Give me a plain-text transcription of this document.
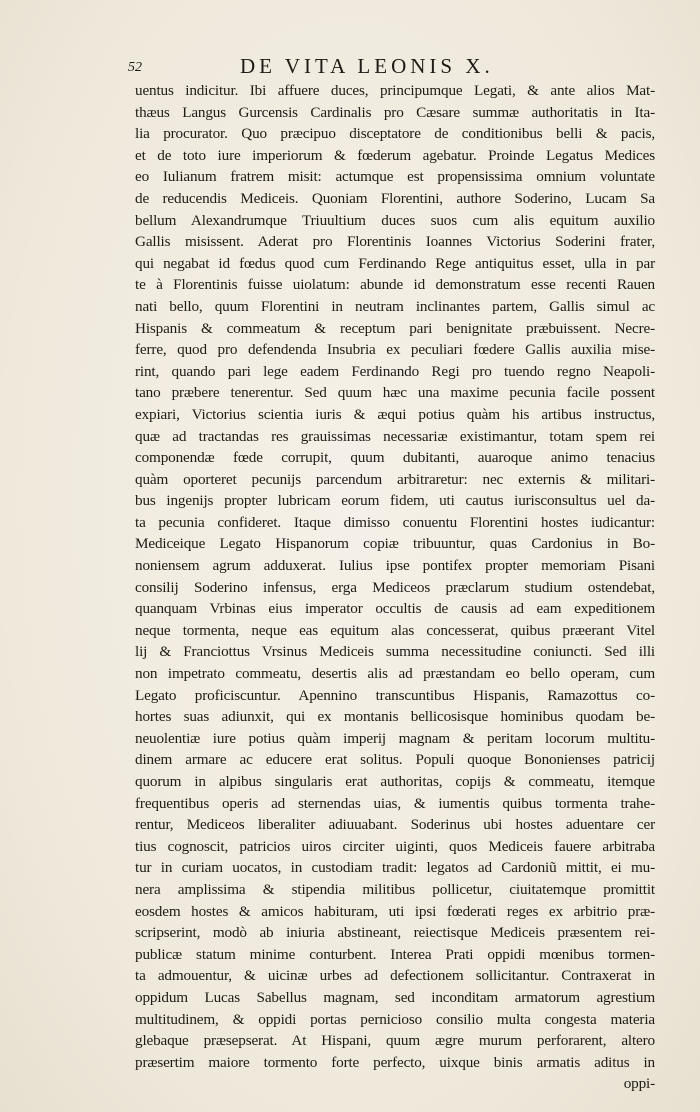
52	DE VITA LEONIS X.
uentus indicitur. Ibi affuere duces, principumque Legati, & ante alios Mat-
thæus Langus Gurcensis Cardinalis pro Cæsare summæ authoritatis in Ita-
lia procurator. Quo præcipuo disceptatore de conditionibus belli & pacis,
et de toto iure imperiorum & fœderum agebatur. Proinde Legatus Medices
eo Iulianum fratrem misit: actumque est propensissima omnium voluntate
de reducendis Mediceis. Quoniam Florentini, authore Soderino, Lucam Sa
bellum Alexandrumque Triuultium duces suos cum alis equitum auxilio
Gallis misissent. Aderat pro Florentinis Ioannes Victorius Soderini frater,
qui negabat id fœdus quod cum Ferdinando Rege antiquitus esset, ulla in par
te à Florentinis fuisse uiolatum: abunde id demonstratum esse recenti Rauen
nati bello, quum Florentini in neutram inclinantes partem, Gallis simul ac
Hispanis & commeatum & receptum pari benignitate præbuissent. Necre-
ferre, quod pro defendenda Insubria ex peculiari fœdere Gallis auxilia mise-
rint, quando pari lege eadem Ferdinando Regi pro tuendo regno Neapoli-
tano præbere tenerentur. Sed quum hæc una maxime pecunia facile possent
expiari, Victorius scientia iuris & æqui potius quàm his artibus instructus,
quæ ad tractandas res grauissimas necessariæ existimantur, totam spem rei
componendæ fœde corrupit, quum dubitanti, auaroque animo tenacius
quàm oporteret pecunijs parcendum arbitraretur: nec externis & militari-
bus ingenijs propter lubricam eorum fidem, uti cautus iurisconsultus uel da-
ta pecunia confideret. Itaque dimisso conuentu Florentini hostes iudicantur:
Mediceique Legato Hispanorum copiæ tribuuntur, quas Cardonius in Bo-
noniensem agrum adduxerat. Iulius ipse pontifex propter memoriam Pisani
consilij Soderino infensus, erga Mediceos præclarum studium ostendebat,
quanquam Vrbinas eius imperator occultis de causis ad eam expeditionem
neque tormenta, neque eas equitum alas concesserat, quibus præerant Vitel
lij & Franciottus Vrsinus Mediceis summa necessitudine coniuncti. Sed illi
non impetrato commeatu, desertis alis ad præstandam eo bello operam, cum
Legato proficiscuntur. Apennino transcuntibus Hispanis, Ramazottus co-
hortes suas adiunxit, qui ex montanis bellicosisque hominibus quodam be-
neuolentiæ iure potius quàm imperij magnam & peritam locorum multitu-
dinem armare ac educere erat solitus. Populi quoque Bononienses patricij
quorum in alpibus singularis erat authoritas, copijs & commeatu, itemque
frequentibus operis ad sternendas uias, & iumentis quibus tormenta trahe-
rentur, Mediceos liberaliter adiuuabant. Soderinus ubi hostes aduentare cer
tius cognoscit, patricios uiros circiter uiginti, quos Mediceis fauere arbitraba
tur in curiam uocatos, in custodiam tradit: legatos ad Cardoniũ mittit, ei mu-
nera amplissima & stipendia militibus pollicetur, ciuitatemque promittit
eosdem hostes & amicos habituram, uti ipsi fœderati reges ex arbitrio præ-
scripserint, modò ab iniuria abstineant, reiectisque Mediceis præsentem rei-
publicæ statum minime conturbent. Interea Prati oppidi mœnibus tormen-
ta admouentur, & uicinæ urbes ad defectionem sollicitantur. Contraxerat in
oppidum Lucas Sabellus magnam, sed inconditam armatorum agrestium
multitudinem, & oppidi portas pernicioso consilio multa congesta materia
glebaque præsepserat. At Hispani, quum ægre murum perforarent, altero
præsertim maiore tormento forte perfecto, uixque binis armatis aditus in
oppi-
